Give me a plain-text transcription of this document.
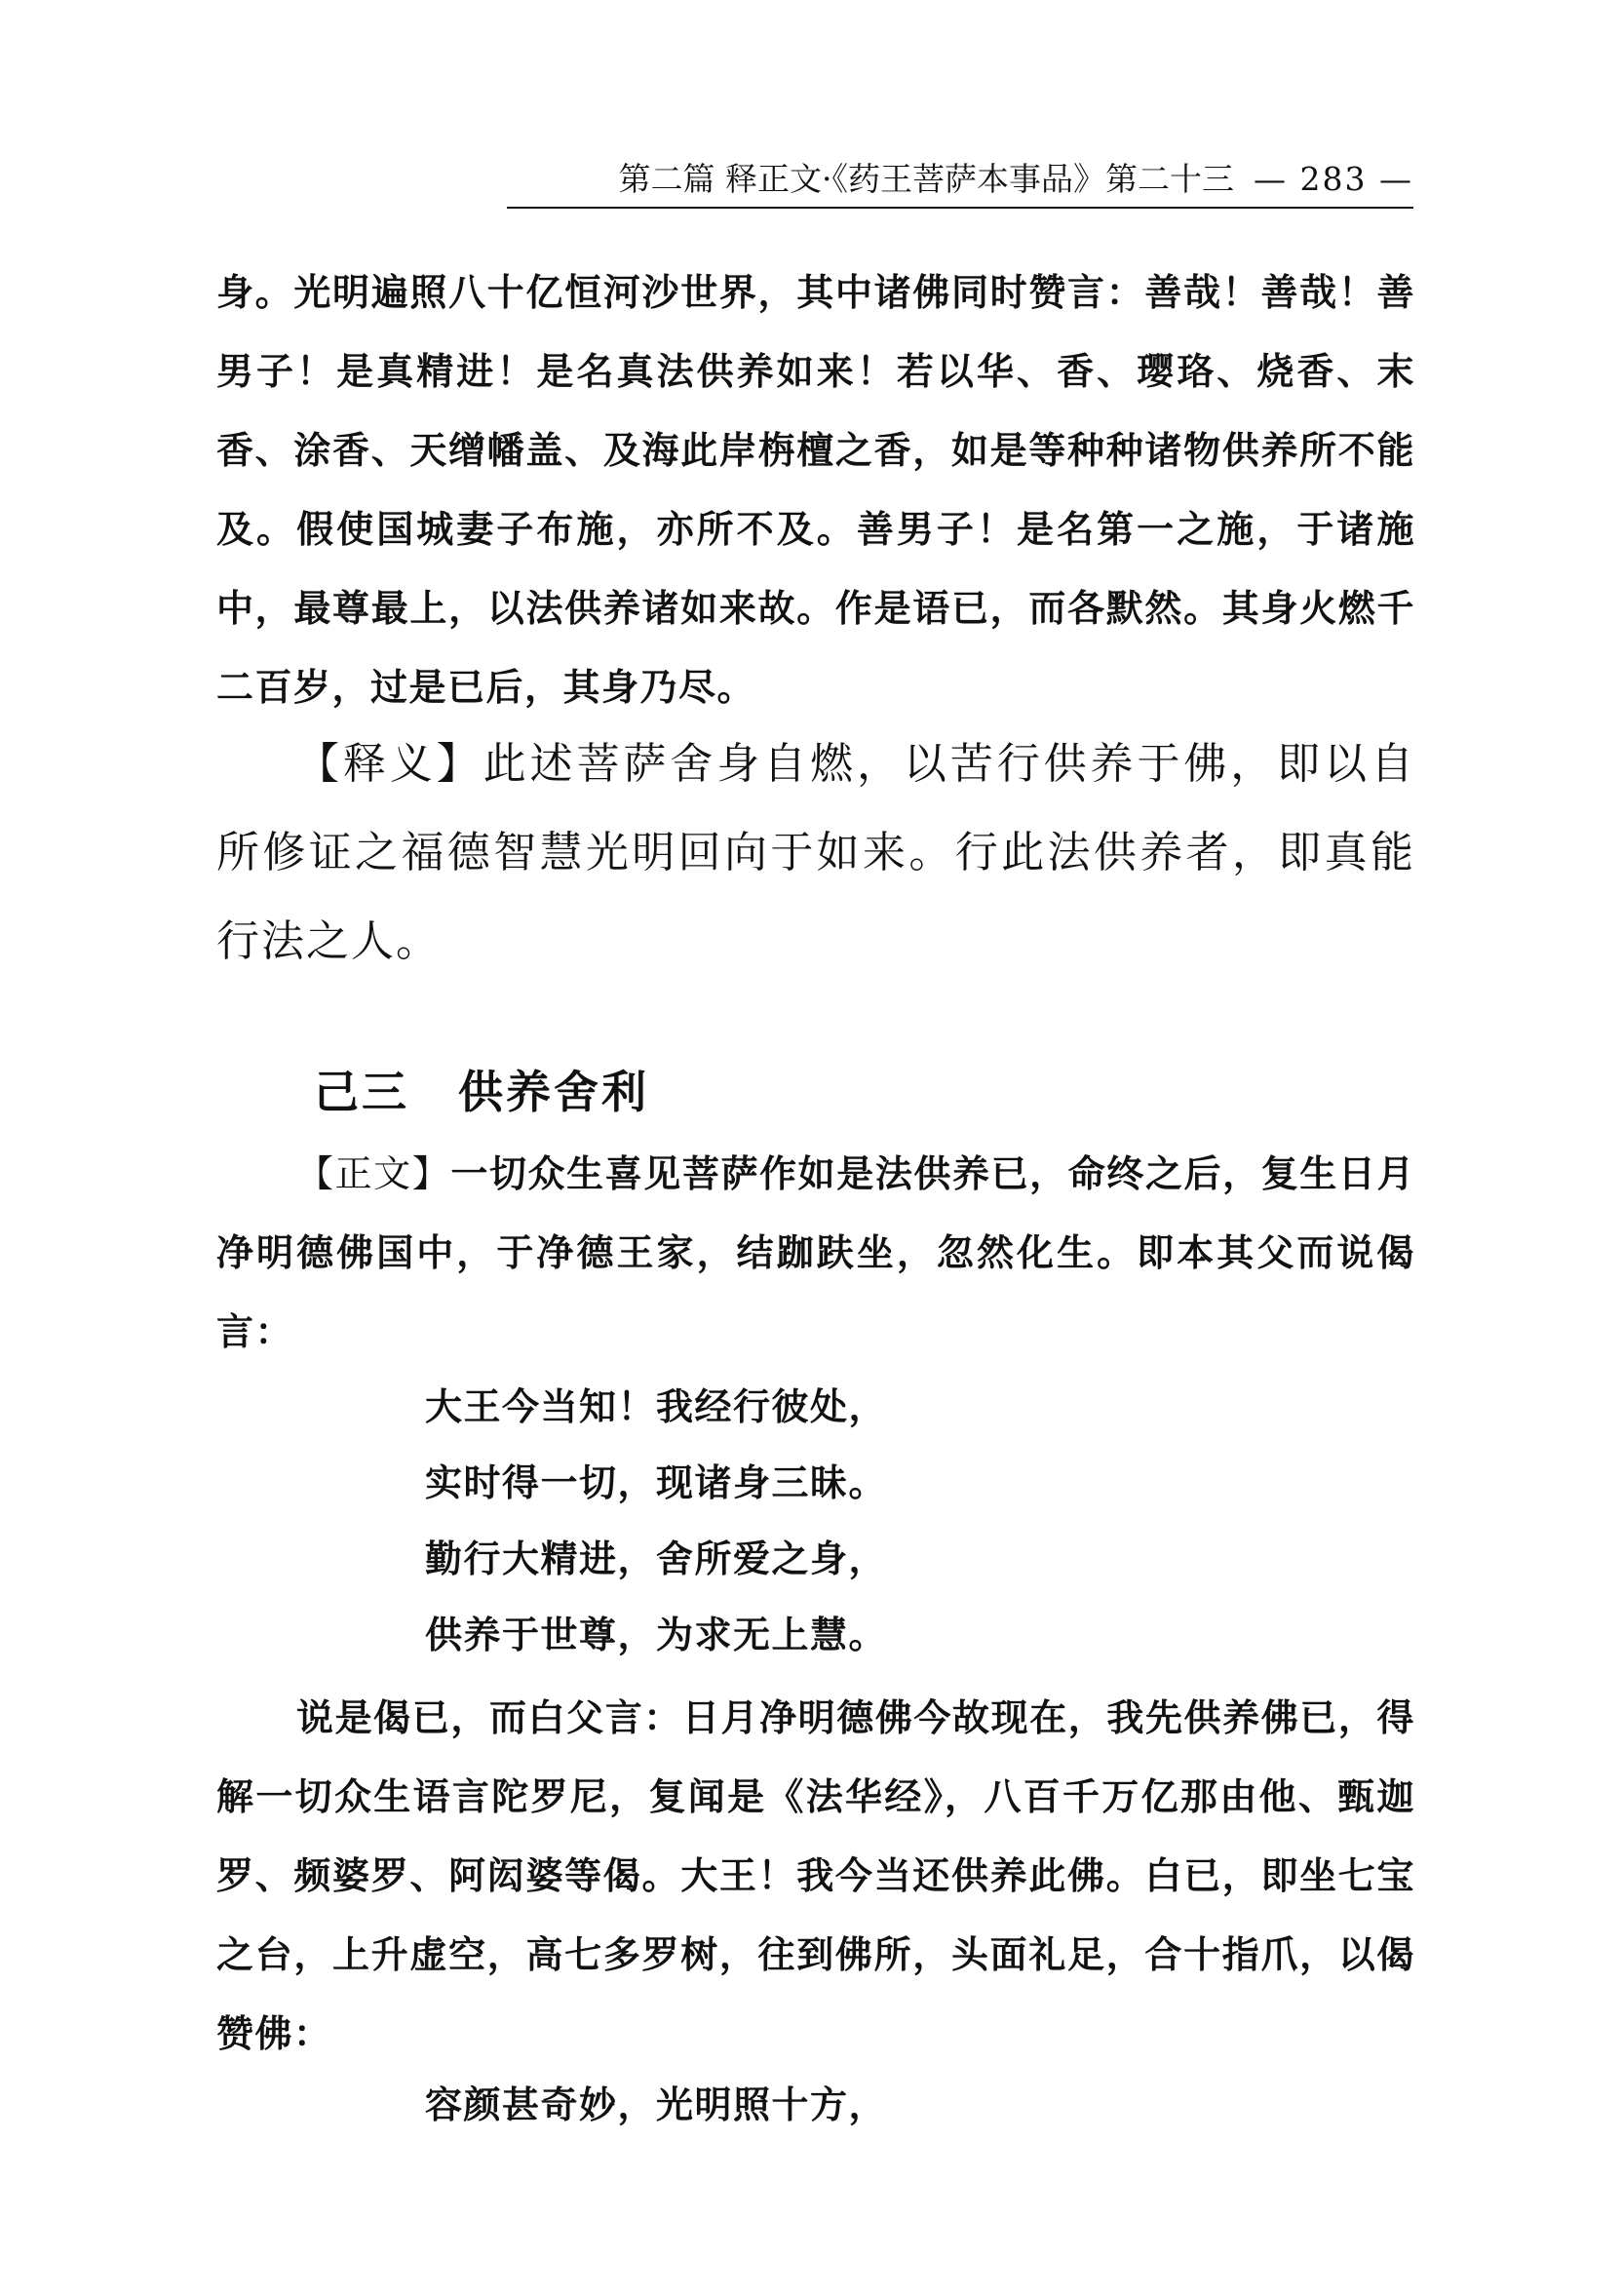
第二篇 释正文·《药王菩萨本事品》第二十三 — 283 —

身。光明遍照八十亿恒河沙世界，其中诸佛同时赞言：善哉！善哉！善男子！是真精进！是名真法供养如来！若以华、香、璎珞、烧香、末香、涂香、天缯幡盖、及海此岸栴檀之香，如是等种种诸物供养所不能及。假使国城妻子布施，亦所不及。善男子！是名第一之施，于诸施中，最尊最上，以法供养诸如来故。作是语已，而各默然。其身火燃千二百岁，过是已后，其身乃尽。

【释义】此述菩萨舍身自燃，以苦行供养于佛，即以自所修证之福德智慧光明回向于如来。行此法供养者，即真能行法之人。

己三 供养舍利

【正文】一切众生喜见菩萨作如是法供养已，命终之后，复生日月净明德佛国中，于净德王家，结跏趺坐，忽然化生。即本其父而说偈言：

大王今当知！我经行彼处，
实时得一切，现诸身三昧。
勤行大精进，舍所爱之身，
供养于世尊，为求无上慧。

说是偈已，而白父言：日月净明德佛今故现在，我先供养佛已，得解一切众生语言陀罗尼，复闻是《法华经》，八百千万亿那由他、甄迦罗、频婆罗、阿闳婆等偈。大王！我今当还供养此佛。白已，即坐七宝之台，上升虚空，高七多罗树，往到佛所，头面礼足，合十指爪，以偈赞佛：

容颜甚奇妙，光明照十方，
